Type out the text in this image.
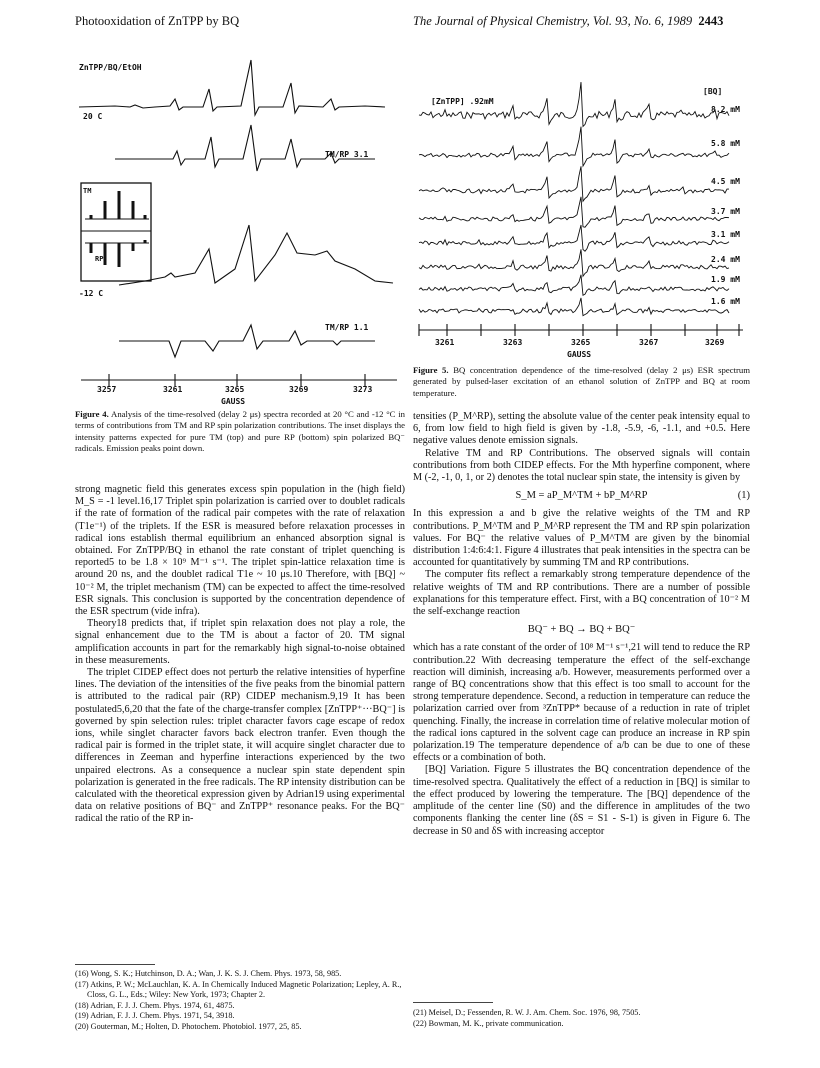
Photooxidation of ZnTPP by BQ	The Journal of Physical Chemistry, Vol. 93, No. 6, 1989 2443
ZnTPP/BQ/EtOH
20 C
TM/RP 3.1
-12 C
TM/RP 1.1
TM
RP
3257	3261	3265	3269	3273
GAUSS
Figure 4. Analysis of the time-resolved (delay 2 μs) spectra recorded at 20 °C and -12 °C in terms of contributions from TM and RP spin polarization contributions. The inset displays the intensity patterns expected for pure TM (top) and pure RP (bottom) spin polarized BQ⁻ radicals. Emission peaks point down.
[ZnTPP] .92mM
[BQ]
8.2 mM
5.8 mM
4.5 mM
3.7 mM
3.1 mM
2.4 mM
1.9 mM
1.6 mM
3261	3263	3265	3267	3269
GAUSS
Figure 5. BQ concentration dependence of the time-resolved (delay 2 μs) ESR spectrum generated by pulsed-laser excitation of an ethanol solution of ZnTPP and BQ at room temperature.

strong magnetic field this generates excess spin population in the (high field) M_S = -1 level.16,17 Triplet spin polarization is carried over to doublet radicals if the rate of formation of the radical pair competes with the rate of relaxation (T1e⁻¹) of the triplets. If the ESR is measured before relaxation processes in radical ions establish thermal equilibrium an enhanced absorption signal is obtained. For ZnTPP/BQ in ethanol the rate constant of triplet quenching is reported5 to be 1.8 × 10⁹ M⁻¹ s⁻¹. The triplet spin-lattice relaxation time is around 20 ns, and the doublet radical T1e ~ 10 μs.10 Therefore, with [BQ] ~ 10⁻² M, the triplet mechanism (TM) can be expected to affect the time-resolved ESR signals. This conclusion is supported by the concentration dependence of the ESR spectrum (vide infra).

Theory18 predicts that, if triplet spin relaxation does not play a role, the signal enhancement due to the TM is about a factor of 20. TM signal amplification accounts in part for the remarkably high signal-to-noise obtained in these measurements.

The triplet CIDEP effect does not perturb the relative intensities of hyperfine lines. The deviation of the intensities of the five peaks from the binomial pattern is attributed to the radical pair (RP) CIDEP mechanism.9,19 It has been postulated5,6,20 that the fate of the charge-transfer complex [ZnTPP⁺···BQ⁻] is governed by spin selection rules: triplet character favors cage escape of redox ions, while singlet character favors back electron tranfer. Even though the radical pair is formed in the triplet state, it will acquire singlet character due to differences in Zeeman and hyperfine interactions experienced by the two unpaired electrons. As a consequence a nuclear spin state dependent spin polarization is generated in the free radicals. The RP intensity distribution can be calculated with the theoretical expression given by Adrian19 using experimental data on relative positions of BQ⁻ and ZnTPP⁺ resonance peaks. For the BQ⁻ radical the ratio of the RP in-

(16) Wong, S. K.; Hutchinson, D. A.; Wan, J. K. S. J. Chem. Phys. 1973, 58, 985.
(17) Atkins, P. W.; McLauchlan, K. A. In Chemically Induced Magnetic Polarization; Lepley, A. R., Closs, G. L., Eds.; Wiley: New York, 1973; Chapter 2.
(18) Adrian, F. J. J. Chem. Phys. 1974, 61, 4875.
(19) Adrian, F. J. J. Chem. Phys. 1971, 54, 3918.
(20) Gouterman, M.; Holten, D. Photochem. Photobiol. 1977, 25, 85.

tensities (P_M^RP), setting the absolute value of the center peak intensity equal to 6, from low field to high field is given by -1.8, -5.9, -6, -1.1, and +0.5. Here negative values denote emission signals.

Relative TM and RP Contributions. The observed signals will contain contributions from both CIDEP effects. For the Mth hyperfine component, where M (-2, -1, 0, 1, or 2) denotes the total nuclear spin state, the intensity is given by

S_M = aP_M^TM + bP_M^RP	(1)

In this expression a and b give the relative weights of the TM and RP contributions. P_M^TM and P_M^RP represent the TM and RP spin polarization values. For BQ⁻ the relative values of P_M^TM are given by the binomial distribution 1:4:6:4:1. Figure 4 illustrates that peak intensities in the spectra can be accounted for quantitatively by summing TM and RP contributions.

The computer fits reflect a remarkably strong temperature dependence of the relative weights of TM and RP contributions. There are a number of possible explanations for this temperature effect. First, with a BQ concentration of 10⁻² M the self-exchange reaction

BQ⁻ + BQ → BQ + BQ⁻

which has a rate constant of the order of 10⁸ M⁻¹ s⁻¹,21 will tend to reduce the RP contribution.22 With decreasing temperature the effect of the self-exchange reaction will diminish, increasing a/b. However, measurements performed over a range of BQ concentrations show that this effect is too small to account for the strong temperature dependence. Second, a reduction in temperature can reduce the polarization carried over from ³ZnTPP* because of a reduction in rate of triplet quenching. Finally, the increase in correlation time of relative molecular motion of the radical ions captured in the solvent cage can produce an increase in RP spin polarization.19 The temperature dependence of a/b can be due to one of these effects or a combination of both.

[BQ] Variation. Figure 5 illustrates the BQ concentration dependence of the time-resolved spectra. Qualitatively the effect of a reduction in [BQ] is similar to the effect produced by lowering the temperature. The [BQ] dependence of the amplitude of the center line (S0) and the difference in amplitudes of the two components flanking the center line (δS = S1 - S-1) is given in Figure 6. The decrease in S0 and δS with increasing acceptor

(21) Meisel, D.; Fessenden, R. W. J. Am. Chem. Soc. 1976, 98, 7505.
(22) Bowman, M. K., private communication.
